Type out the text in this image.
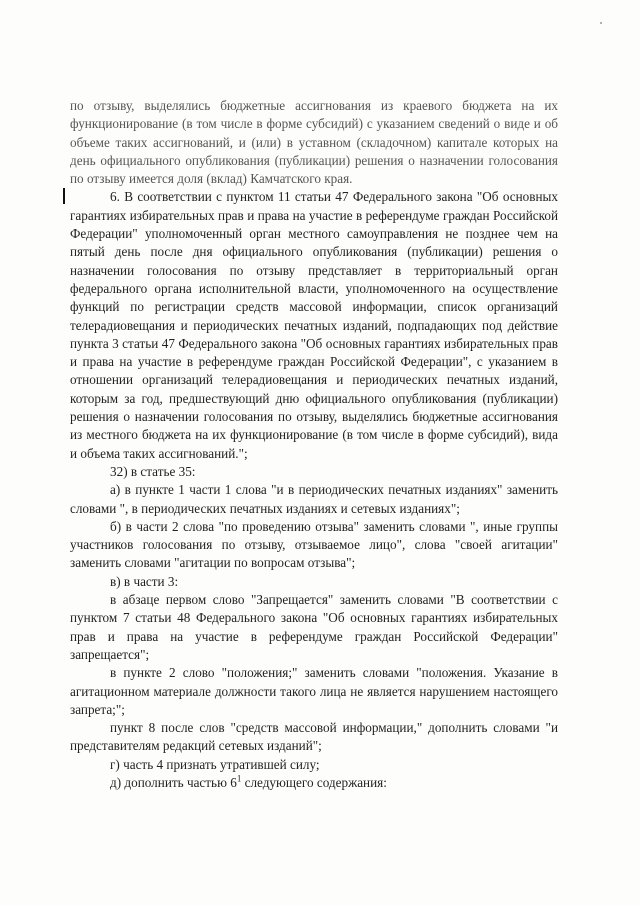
по отзыву, выделялись бюджетные ассигнования из краевого бюджета на их функционирование (в том числе в форме субсидий) с указанием сведений о виде и об объеме таких ассигнований, и (или) в уставном (складочном) капитале которых на день официального опубликования (публикации) решения о назначении голосования по отзыву имеется доля (вклад) Камчатского края.

6. В соответствии с пунктом 11 статьи 47 Федерального закона "Об основных гарантиях избирательных прав и права на участие в референдуме граждан Российской Федерации" уполномоченный орган местного самоуправления не позднее чем на пятый день после дня официального опубликования (публикации) решения о назначении голосования по отзыву представляет в территориальный орган федерального органа исполнительной власти, уполномоченного на осуществление функций по регистрации средств массовой информации, список организаций телерадиовещания и периодических печатных изданий, подпадающих под действие пункта 3 статьи 47 Федерального закона "Об основных гарантиях избирательных прав и права на участие в референдуме граждан Российской Федерации", с указанием в отношении организаций телерадиовещания и периодических печатных изданий, которым за год, предшествующий дню официального опубликования (публикации) решения о назначении голосования по отзыву, выделялись бюджетные ассигнования из местного бюджета на их функционирование (в том числе в форме субсидий), вида и объема таких ассигнований.";

32) в статье 35:

а) в пункте 1 части 1 слова "и в периодических печатных изданиях" заменить словами ", в периодических печатных изданиях и сетевых изданиях";

б) в части 2 слова "по проведению отзыва" заменить словами ", иные группы участников голосования по отзыву, отзываемое лицо", слова "своей агитации" заменить словами "агитации по вопросам отзыва";

в) в части 3:

в абзаце первом слово "Запрещается" заменить словами "В соответствии с пунктом 7 статьи 48 Федерального закона "Об основных гарантиях избирательных прав и права на участие в референдуме граждан Российской Федерации" запрещается";

в пункте 2 слово "положения;" заменить словами "положения. Указание в агитационном материале должности такого лица не является нарушением настоящего запрета;";

пункт 8 после слов "средств массовой информации," дополнить словами "и представителям редакций сетевых изданий";

г) часть 4 признать утратившей силу;

д) дополнить частью $6^1$ следующего содержания:
